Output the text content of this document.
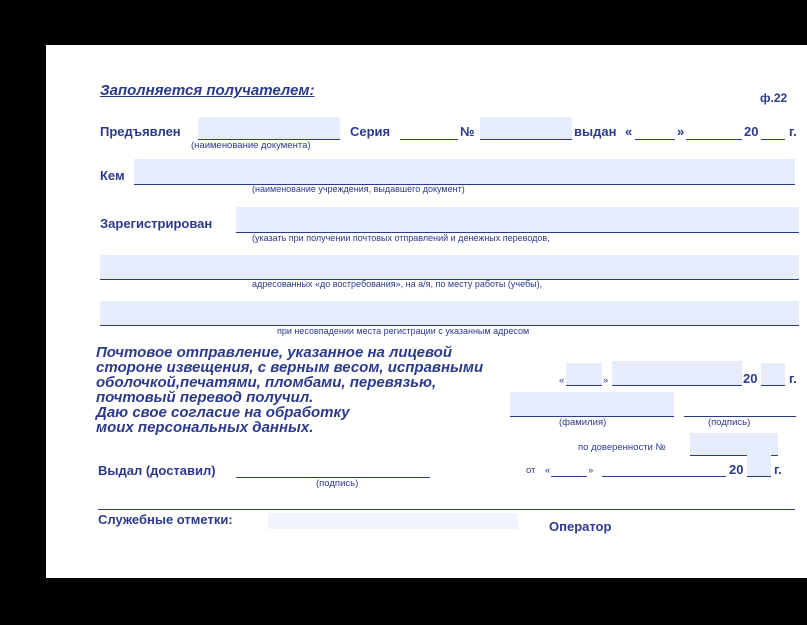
Заполняется получателем:	ф.22
Предъявлен
(наименование документа)
Серия	№	выдан «	»	20 г.
Кем
(наименование учреждения, выдавшего документ)
Зарегистрирован
(указать при получении почтовых отправлений и денежных переводов,
адресованных «до востребования», на а/я, по месту работы (учебы),
при несовпадении места регистрации с указанным адресом
Почтовое отправление, указанное на лицевой
стороне извещения, с верным весом, исправными
оболочкой,печатями, пломбами, перевязью,
почтовый перевод получил.
Даю свое согласие на обработку
моих персональных данных.
«	»	20 г.
(фамилия)	(подпись)
по доверенности №
Выдал (доставил)
(подпись)
от «	»	20 г.
Служебные отметки:	Оператор
